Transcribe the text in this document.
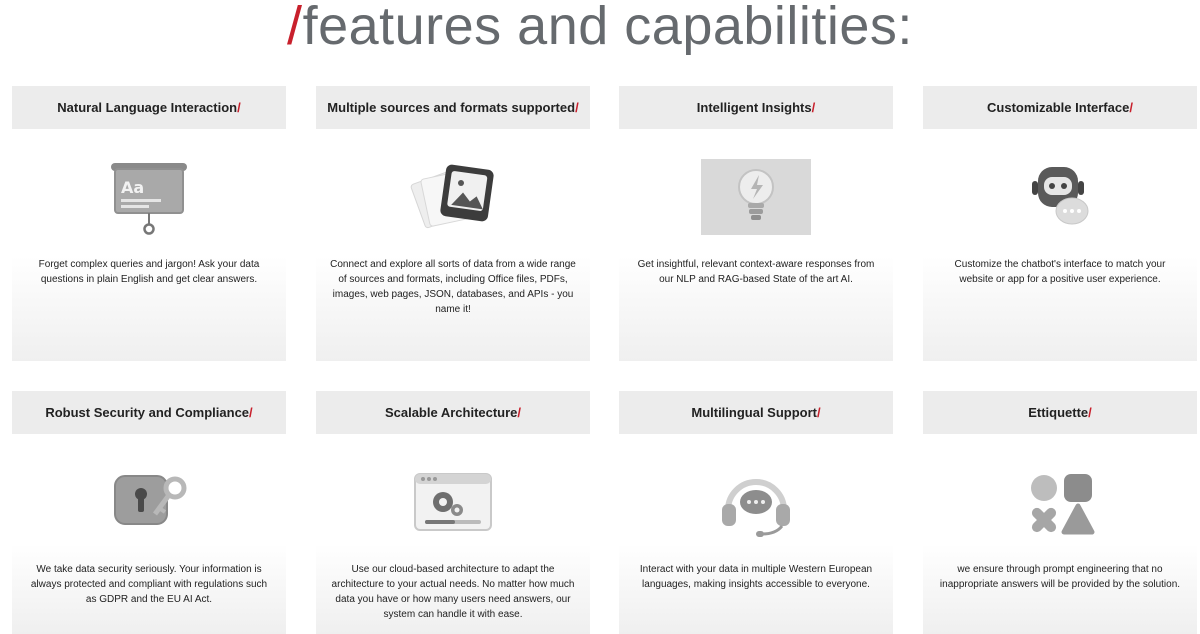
/features and capabilities:
Natural Language Interaction /
Aa
Forget complex queries and jargon! Ask your data questions in plain English and get clear answers.
Multiple sources and formats supported /
Connect and explore all sorts of data from a wide range of sources and formats, including Office files, PDFs, images, web pages, JSON, databases, and APIs - you name it!
Intelligent Insights /
Get insightful, relevant context-aware responses from our NLP and RAG-based State of the art AI.
Customizable Interface /
Customize the chatbot's interface to match your website or app for a positive user experience.
Robust Security and Compliance /
We take data security seriously. Your information is always protected and compliant with regulations such as GDPR and the EU AI Act.
Scalable Architecture /
Use our cloud-based architecture to adapt the architecture to your actual needs. No matter how much data you have or how many users need answers, our system can handle it with ease.
Multilingual Support /
Interact with your data in multiple Western European languages, making insights accessible to everyone.
Ettiquette /
we ensure through prompt engineering that no inappropriate answers will be provided by the solution.
